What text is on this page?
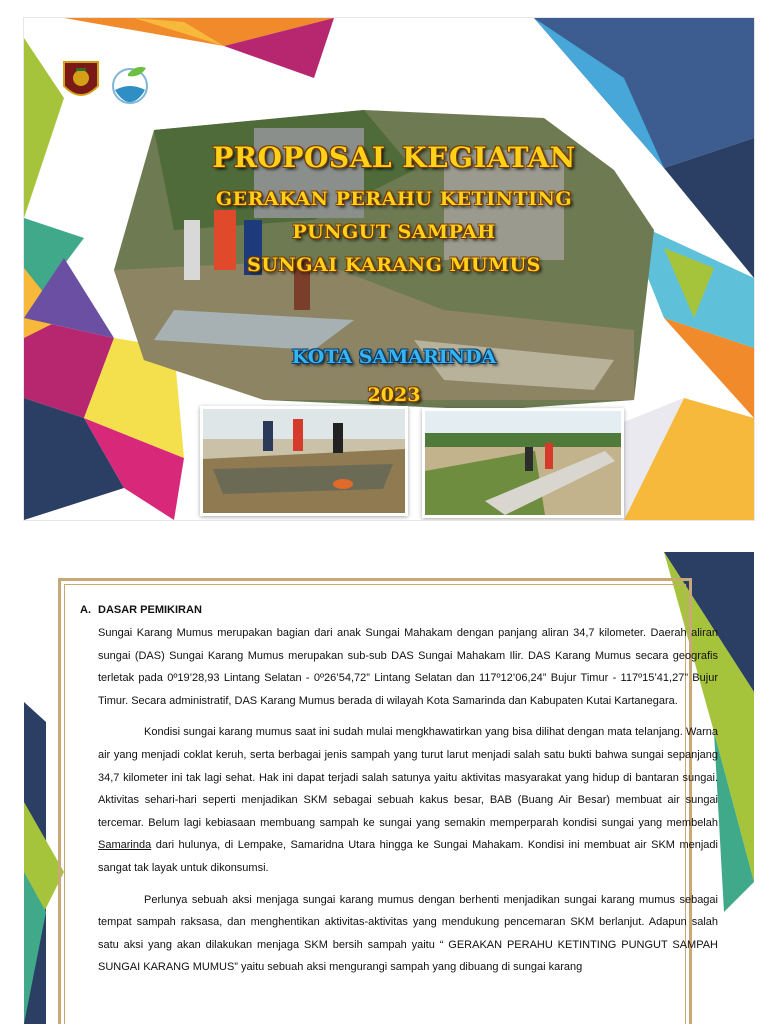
PROPOSAL KEGIATAN
GERAKAN PERAHU KETINTING
PUNGUT SAMPAH
SUNGAI KARANG MUMUS
KOTA SAMARINDA
2023
A. DASAR PEMIKIRAN

Sungai Karang Mumus merupakan bagian dari anak Sungai Mahakam dengan panjang aliran 34,7 kilometer. Daerah aliran sungai (DAS) Sungai Karang Mumus merupakan sub-sub DAS Sungai Mahakam Ilir. DAS Karang Mumus secara geografis terletak pada 0º19’28,93 Lintang Selatan - 0º26’54,72” Lintang Selatan dan 117º12’06,24” Bujur Timur - 117º15’41,27” Bujur Timur. Secara administratif, DAS Karang Mumus berada di wilayah Kota Samarinda dan Kabupaten Kutai Kartanegara.

Kondisi sungai karang mumus saat ini sudah mulai mengkhawatirkan yang bisa dilihat dengan mata telanjang. Warna air yang menjadi coklat keruh, serta berbagai jenis sampah yang turut larut menjadi salah satu bukti bahwa sungai sepanjang 34,7 kilometer ini tak lagi sehat. Hak ini dapat terjadi salah satunya yaitu aktivitas masyarakat yang hidup di bantaran sungai. Aktivitas sehari-hari seperti menjadikan SKM sebagai sebuah kakus besar, BAB (Buang Air Besar) membuat air sungai tercemar. Belum lagi kebiasaan membuang sampah ke sungai yang semakin memperparah kondisi sungai yang membelah Samarinda dari hulunya, di Lempake, Samaridna Utara hingga ke Sungai Mahakam. Kondisi ini membuat air SKM menjadi sangat tak layak untuk dikonsumsi.

Perlunya sebuah aksi menjaga sungai karang mumus dengan berhenti menjadikan sungai karang mumus sebagai tempat sampah raksasa, dan menghentikan aktivitas-aktivitas yang mendukung pencemaran SKM berlanjut. Adapun salah satu aksi yang akan dilakukan menjaga SKM bersih sampah yaitu “ GERAKAN PERAHU KETINTING PUNGUT SAMPAH SUNGAI KARANG MUMUS” yaitu sebuah aksi mengurangi sampah yang dibuang di sungai karang
